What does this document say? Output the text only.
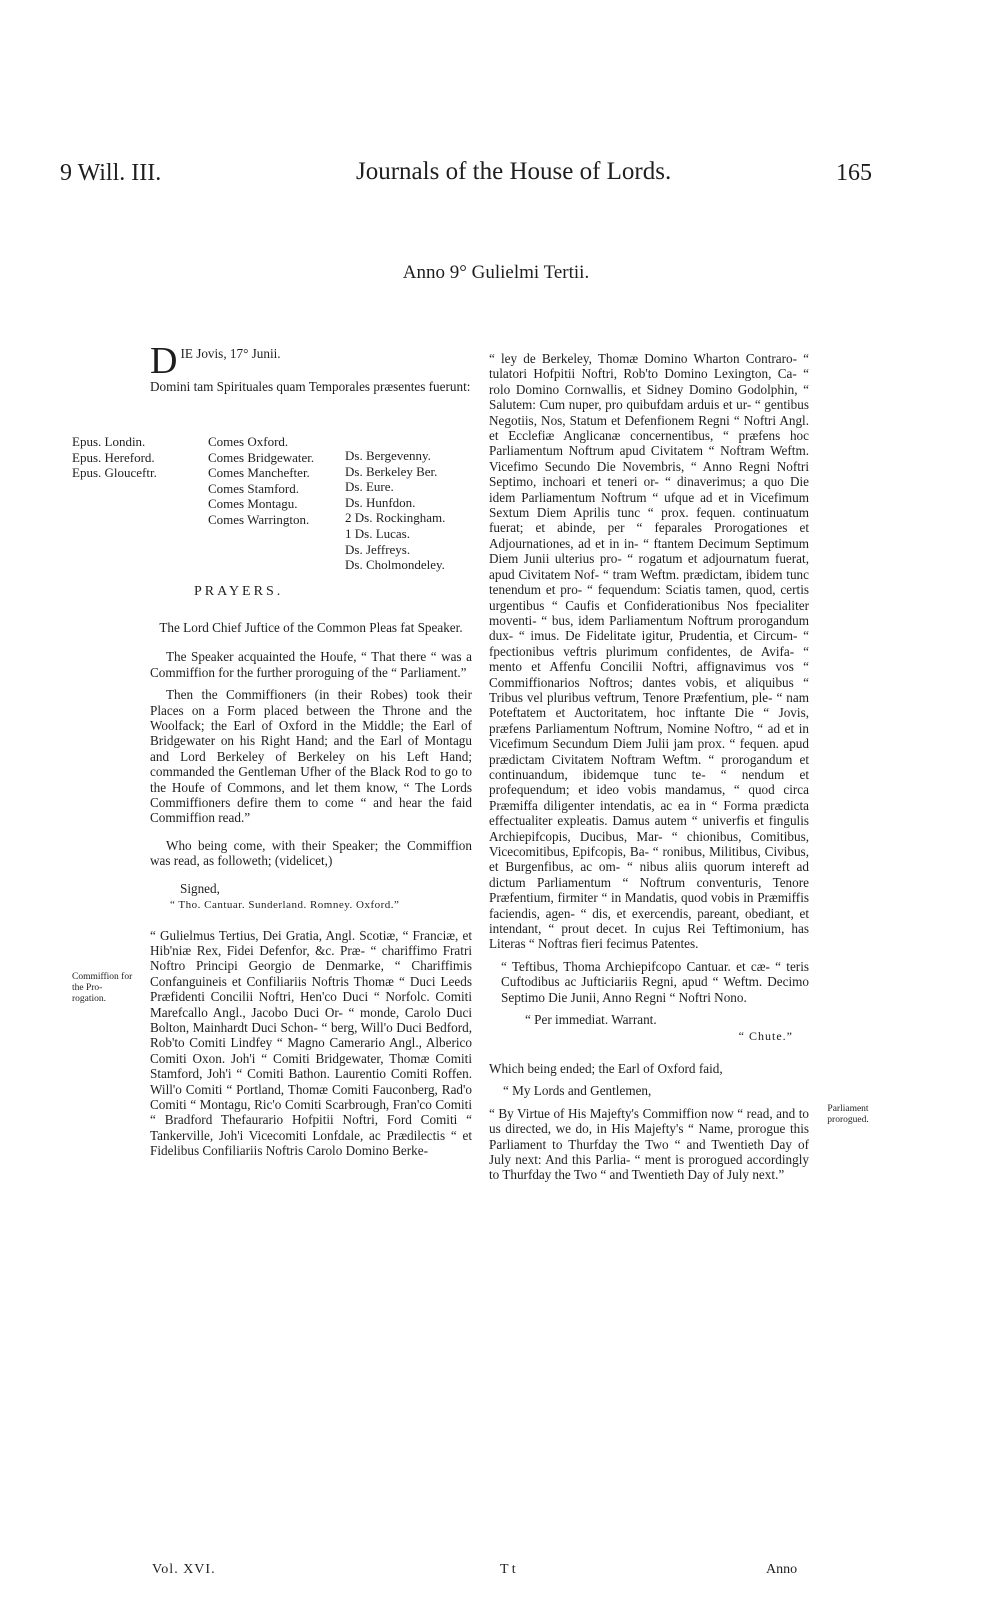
9 Will. III.	Journals of the House of Lords.	165
Anno 9° Gulielmi Tertii.
DIE Jovis, 17° Junii.

Domini tam Spirituales quam Temporales præsentes fuerunt:

Epus. Londin.
Epus. Hereford.
Epus. Glouceftr.
Comes Oxford.
Comes Bridgewater.
Comes Manchefter.
Comes Stamford.
Comes Montagu.
Comes Warrington.
Ds. Bergevenny.
Ds. Berkeley Ber.
Ds. Eure.
Ds. Hunfdon.
2 Ds. Rockingham.
1 Ds. Lucas.
Ds. Jeffreys.
Ds. Cholmondeley.
PRAYERS.

The Lord Chief Juftice of the Common Pleas fat Speaker.

The Speaker acquainted the Houfe, “ That there “ was a Commiffion for the further proroguing of the “ Parliament.”

Then the Commiffioners (in their Robes) took their Places on a Form placed between the Throne and the Woolfack; the Earl of Oxford in the Middle; the Earl of Bridgewater on his Right Hand; and the Earl of Montagu and Lord Berkeley of Berkeley on his Left Hand; commanded the Gentleman Ufher of the Black Rod to go to the Houfe of Commons, and let them know, “ The Lords Commiffioners defire them to come “ and hear the faid Commiffion read.”

Who being come, with their Speaker; the Commiffion was read, as followeth; (videlicet,)

Signed,

“ Tho. Cantuar. Sunderland. Romney. Oxford.”

“ Gulielmus Tertius, Dei Gratia, Angl. Scotiæ, “ Franciæ, et Hib'niæ Rex, Fidei Defenfor, &c. Præ- “ chariffimo Fratri Noftro Principi Georgio de Denmarke, “ Chariffimis Confanguineis et Confiliariis Noftris Thomæ “ Duci Leeds Præfidenti Concilii Noftri, Hen'co Duci “ Norfolc. Comiti Marefcallo Angl., Jacobo Duci Or- “ monde, Carolo Duci Bolton, Mainhardt Duci Schon- “ berg, Will'o Duci Bedford, Rob'to Comiti Lindfey “ Magno Camerario Angl., Alberico Comiti Oxon. Joh'i “ Comiti Bridgewater, Thomæ Comiti Stamford, Joh'i “ Comiti Bathon. Laurentio Comiti Roffen. Will'o Comiti “ Portland, Thomæ Comiti Fauconberg, Rad'o Comiti “ Montagu, Ric'o Comiti Scarbrough, Fran'co Comiti “ Bradford Thefaurario Hofpitii Noftri, Ford Comiti “ Tankerville, Joh'i Vicecomiti Lonfdale, ac Prædilectis “ et Fidelibus Confiliariis Noftris Carolo Domino Berke-

Commiffion for the Pro- rogation.

“ ley de Berkeley, Thomæ Domino Wharton Contraro- “ tulatori Hofpitii Noftri, Rob'to Domino Lexington, Ca- “ rolo Domino Cornwallis, et Sidney Domino Godolphin, “ Salutem: Cum nuper, pro quibufdam arduis et ur- “ gentibus Negotiis, Nos, Statum et Defenfionem Regni “ Noftri Angl. et Ecclefiæ Anglicanæ concernentibus, “ præfens hoc Parliamentum Noftrum apud Civitatem “ Noftram Weftm. Vicefimo Secundo Die Novembris, “ Anno Regni Noftri Septimo, inchoari et teneri or- “ dinaverimus; a quo Die idem Parliamentum Noftrum “ ufque ad et in Vicefimum Sextum Diem Aprilis tunc “ prox. fequen. continuatum fuerat; et abinde, per “ feparales Prorogationes et Adjournationes, ad et in in- “ ftantem Decimum Septimum Diem Junii ulterius pro- “ rogatum et adjournatum fuerat, apud Civitatem Nof- “ tram Weftm. prædictam, ibidem tunc tenendum et pro- “ fequendum: Sciatis tamen, quod, certis urgentibus “ Caufis et Confiderationibus Nos fpecialiter moventi- “ bus, idem Parliamentum Noftrum prorogandum dux- “ imus. De Fidelitate igitur, Prudentia, et Circum- “ fpectionibus veftris plurimum confidentes, de Avifa- “ mento et Affenfu Concilii Noftri, affignavimus vos “ Commiffionarios Noftros; dantes vobis, et aliquibus “ Tribus vel pluribus veftrum, Tenore Præfentium, ple- “ nam Poteftatem et Auctoritatem, hoc inftante Die “ Jovis, præfens Parliamentum Noftrum, Nomine Noftro, “ ad et in Vicefimum Secundum Diem Julii jam prox. “ fequen. apud prædictam Civitatem Noftram Weftm. “ prorogandum et continuandum, ibidemque tunc te- “ nendum et profequendum; et ideo vobis mandamus, “ quod circa Præmiffa diligenter intendatis, ac ea in “ Forma prædicta effectualiter expleatis. Damus autem “ univerfis et fingulis Archiepifcopis, Ducibus, Mar- “ chionibus, Comitibus, Vicecomitibus, Epifcopis, Ba- “ ronibus, Militibus, Civibus, et Burgenfibus, ac om- “ nibus aliis quorum intereft ad dictum Parliamentum “ Noftrum conventuris, Tenore Præfentium, firmiter “ in Mandatis, quod vobis in Præmiffis faciendis, agen- “ dis, et exercendis, pareant, obediant, et intendant, “ prout decet. In cujus Rei Teftimonium, has Literas “ Noftras fieri fecimus Patentes.

“ Teftibus, Thoma Archiepifcopo Cantuar. et cæ- “ teris Cuftodibus ac Jufticiariis Regni, apud “ Weftm. Decimo Septimo Die Junii, Anno Regni “ Noftri Nono.

“ Per immediat. Warrant.

“ Chute.”

Which being ended; the Earl of Oxford faid,

“ My Lords and Gentlemen,

“ By Virtue of His Majefty's Commiffion now “ read, and to us directed, we do, in His Majefty's “ Name, prorogue this Parliament to Thurfday the Two “ and Twentieth Day of July next: And this Parlia- “ ment is prorogued accordingly to Thurfday the Two “ and Twentieth Day of July next.”

Parliament prorogued.
Vol. XVI.	T t	Anno
